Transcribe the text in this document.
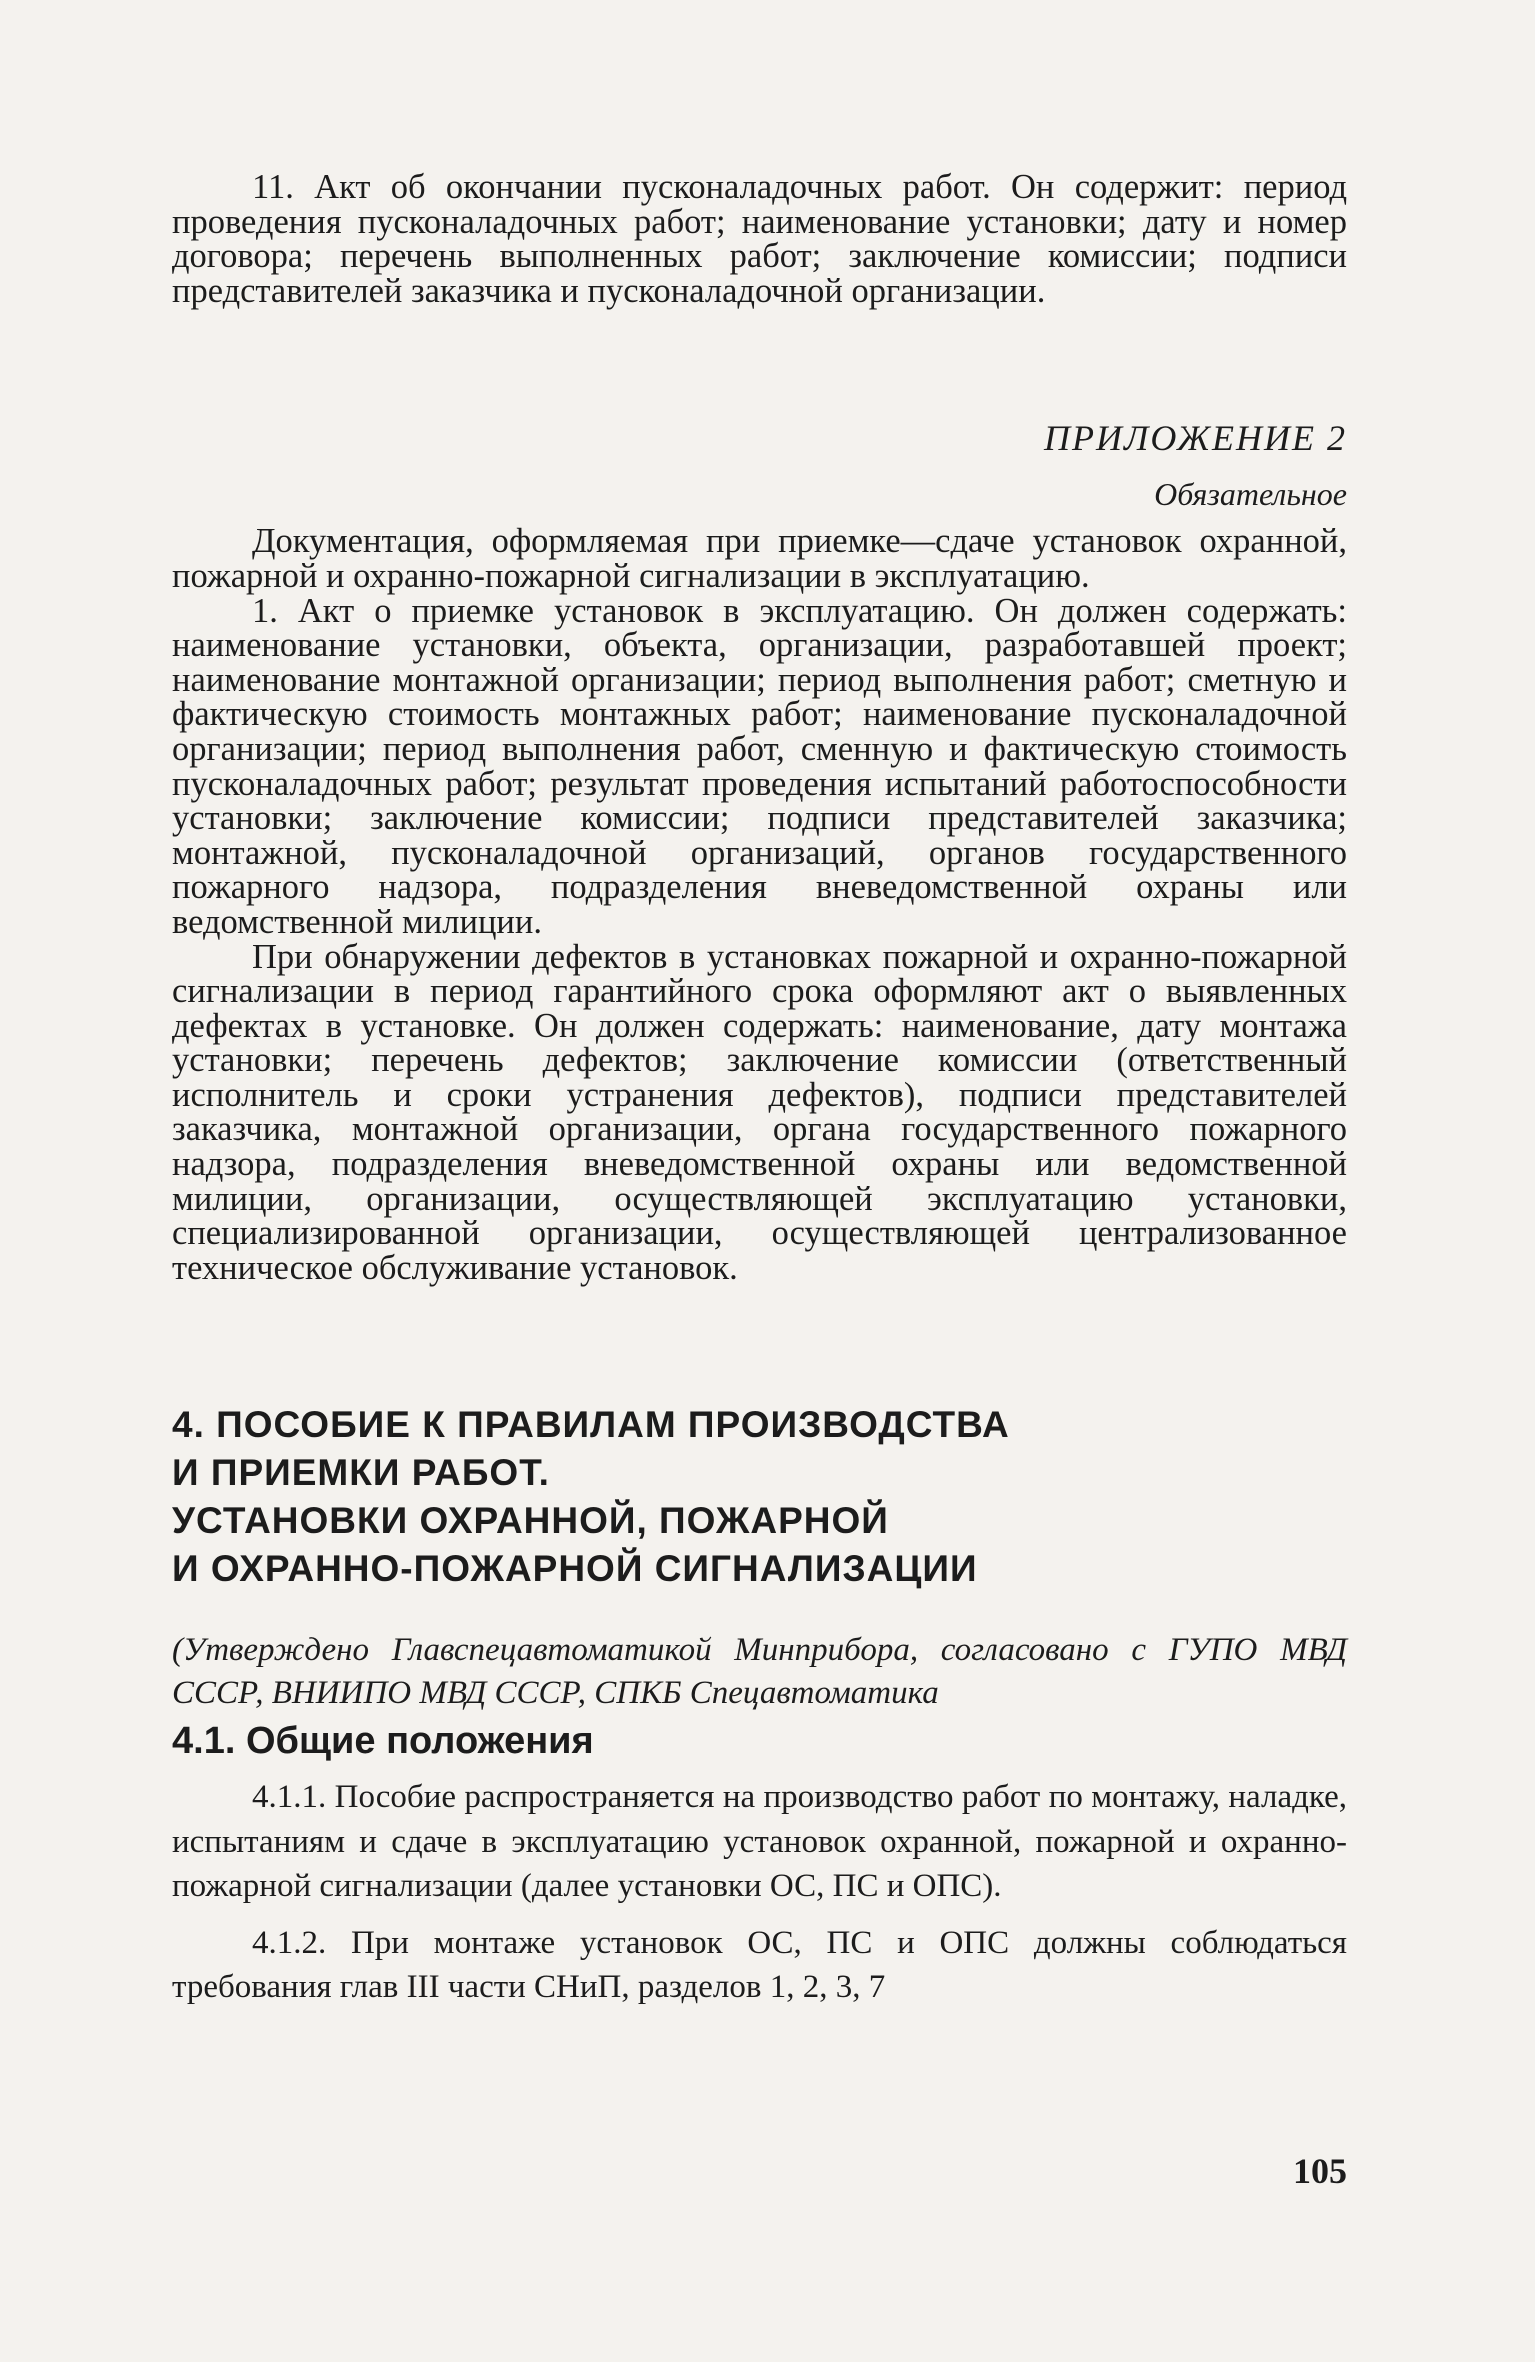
11. Акт об окончании пусконаладочных работ. Он содержит: период проведения пусконаладочных работ; наименование установки; дату и номер договора; перечень выполненных работ; заключение комиссии; подписи представителей заказчика и пусконаладочной организации.

ПРИЛОЖЕНИЕ 2
Обязательное

Документация, оформляемая при приемке—сдаче установок охранной, пожарной и охранно-пожарной сигнализации в эксплуатацию.

1. Акт о приемке установок в эксплуатацию. Он должен содержать: наименование установки, объекта, организации, разработавшей проект; наименование монтажной организации; период выполнения работ; сметную и фактическую стоимость монтажных работ; наименование пусконаладочной организации; период выполнения работ, сменную и фактическую стоимость пусконаладочных работ; результат проведения испытаний работоспособности установки; заключение комиссии; подписи представителей заказчика; монтажной, пусконаладочной организаций, органов государственного пожарного надзора, подразделения вневедомственной охраны или ведомственной милиции.

При обнаружении дефектов в установках пожарной и охранно-пожарной сигнализации в период гарантийного срока оформляют акт о выявленных дефектах в установке. Он должен содержать: наименование, дату монтажа установки; перечень дефектов; заключение комиссии (ответственный исполнитель и сроки устранения дефектов), подписи представителей заказчика, монтажной организации, органа государственного пожарного надзора, подразделения вневедомственной охраны или ведомственной милиции, организации, осуществляющей эксплуатацию установки, специализированной организации, осуществляющей централизованное техническое обслуживание установок.

4. ПОСОБИЕ К ПРАВИЛАМ ПРОИЗВОДСТВА
И ПРИЕМКИ РАБОТ.
УСТАНОВКИ ОХРАННОЙ, ПОЖАРНОЙ
И ОХРАННО-ПОЖАРНОЙ СИГНАЛИЗАЦИИ

(Утверждено Главспецавтоматикой Минприбора, согласовано с ГУПО МВД СССР, ВНИИПО МВД СССР, СПКБ Спецавтоматика

4.1. Общие положения

4.1.1. Пособие распространяется на производство работ по монтажу, наладке, испытаниям и сдаче в эксплуатацию установок охранной, пожарной и охранно-пожарной сигнализации (далее установки ОС, ПС и ОПС).

4.1.2. При монтаже установок ОС, ПС и ОПС должны соблюдаться требования глав III части СНиП, разделов 1, 2, 3, 7

105
